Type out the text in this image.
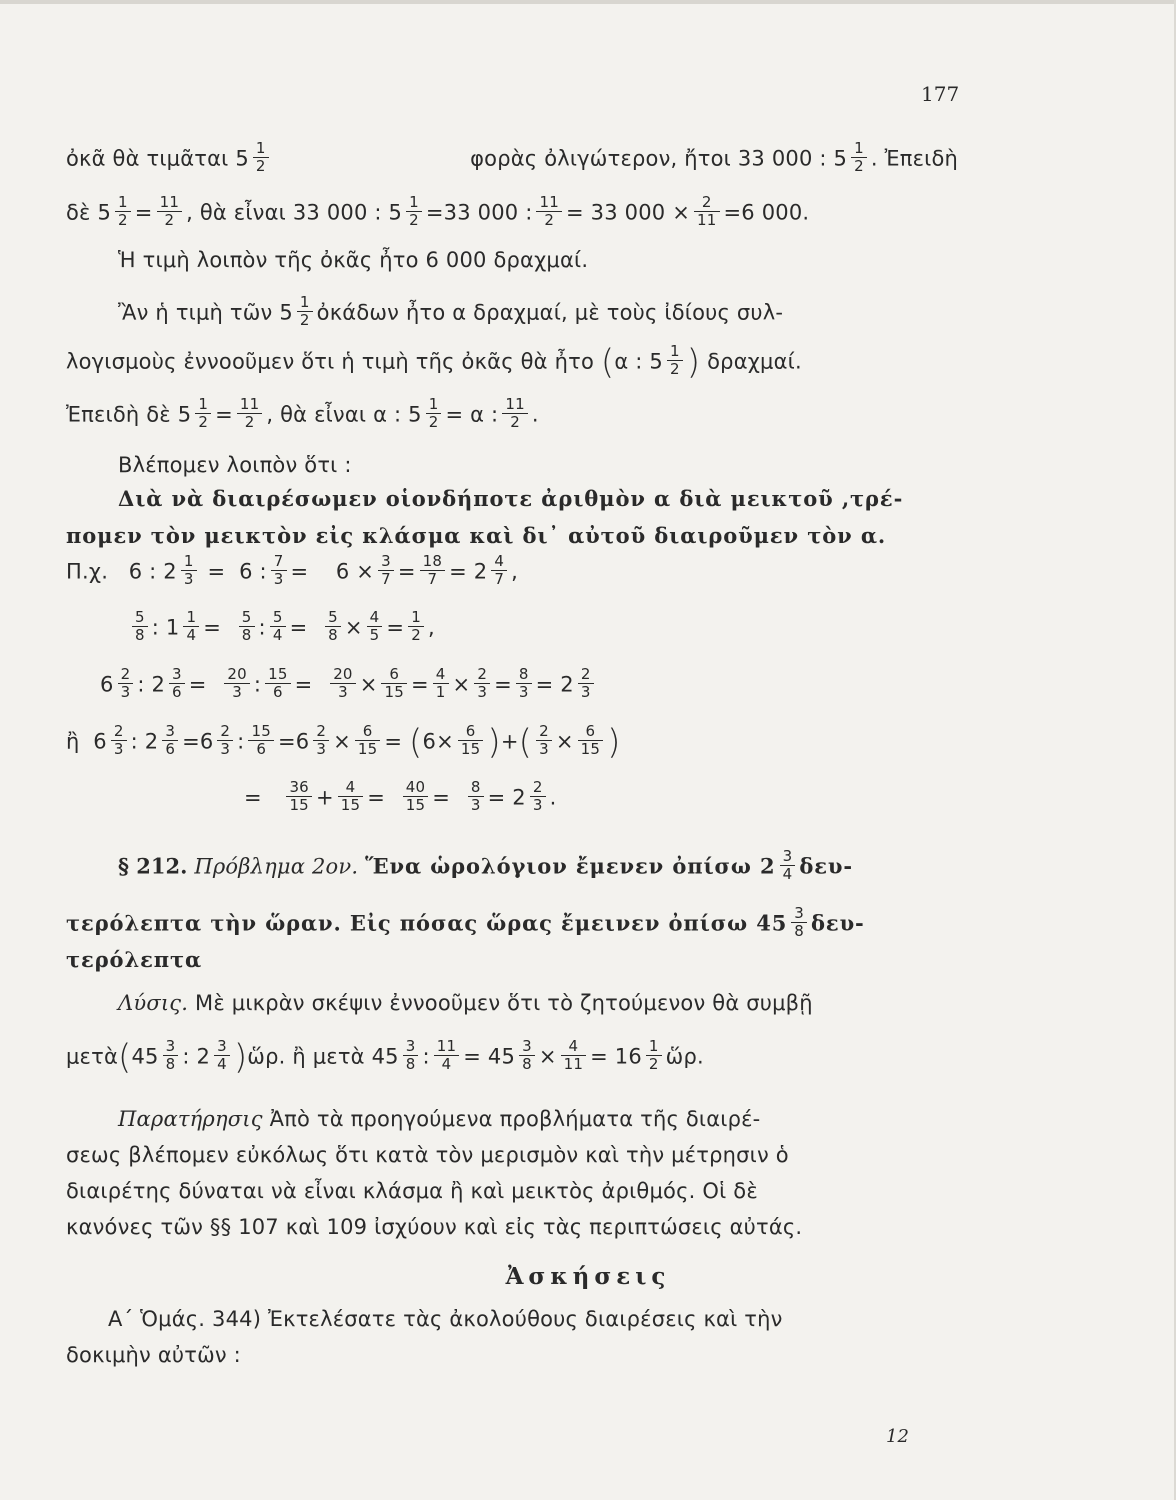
177
ὀκᾶ θὰ τιμᾶται $5 \frac{1}{2}$	φορὰς ὀλιγώτερον, ἤτοι 33 000 : $5 \frac{1}{2}$ . Ἐπειδὴ
δὲ $5 \frac{1}{2} = \frac{11}{2}$ , θὰ εἶναι 33 000 : $5 \frac{1}{2} =33$ 000 : $\frac{11}{2} = 33$ $000 \times \frac{2}{11} =6$ 000.
Ἡ τιμὴ λοιπὸν τῆς ὀκᾶς ἦτο 6 000 δραχμαί.
Ἂν ἡ τιμὴ τῶν $5 \frac{1}{2}$ ὀκάδων ἦτο α δραχμαί, μὲ τοὺς ἰδίους συλ-
λογισμοὺς ἐννοοῦμεν ὅτι ἡ τιμὴ τῆς ὀκᾶς θὰ ἦτο (α : $5 \frac{1}{2}$ ) δραχμαί.
Ἐπειδὴ δὲ $5 \frac{1}{2} = \frac{11}{2}$ , θὰ εἶναι α : $5 \frac{1}{2} = \alpha$ : $\frac{11}{2}$ .
Βλέπομεν λοιπὸν ὅτι :
Διὰ νὰ διαιρέσωμεν οἱονδήποτε ἀριθμὸν α διὰ μεικτοῦ ,τρέ-
πομεν τὸν μεικτὸν εἰς κλάσμα καὶ δι᾽ αὐτοῦ διαιροῦμεν τὸν α.
Π.χ. 6 : $2 \frac{1}{3} = 6$ : $\frac{7}{3} = 6 \times \frac{3}{7} = \frac{18}{7} = 2 \frac{4}{7}$ ,
$\frac{5}{8}$ : $1 \frac{1}{4} = \frac{5}{8}$ : $\frac{5}{4} = \frac{5}{8} \times \frac{4}{5} = \frac{1}{2}$ ,
$6 \frac{2}{3}$ : $2 \frac{3}{6} = \frac{20}{3}$ : $\frac{15}{6} = \frac{20}{3} \times \frac{6}{15} = \frac{4}{1} \times \frac{2}{3} = \frac{8}{3} = 2 \frac{2}{3}$
ἢ $6 \frac{2}{3}$ : $2 \frac{3}{6} =6 \frac{2}{3}$ : $\frac{15}{6} =6 \frac{2}{3} \times \frac{6}{15} = (6\times \frac{6}{15}$ )+( $\frac{2}{3} \times \frac{6}{15}$ )
= $\frac{36}{15} + \frac{4}{15} = \frac{40}{15} = \frac{8}{3} = 2 \frac{2}{3}$ .
§ 212. Πρόβλημα 2ον. Ἕνα ὡρολόγιον ἔμενεν ὀπίσω $2 \frac{3}{4} \delta\varepsilon\upsilon-$
τερόλεπτα τὴν ὥραν. Εἰς πόσας ὥρας ἔμεινεν ὀπίσω $45 \frac{3}{8} \delta\varepsilon\upsilon-$
τερόλεπτα
Λύσις. Μὲ μικρὰν σκέψιν ἐννοοῦμεν ὅτι τὸ ζητούμενον θὰ συμβῇ
μετὰ(45 $\frac{3}{8}$ : $2 \frac{3}{4}$ )ὥρ. ἢ μετὰ $45 \frac{3}{8}$ : $\frac{11}{4} = 45 \frac{3}{8} \times \frac{4}{11} = 16 \frac{1}{2}$ ὥρ.
Παρατήρησις Ἀπὸ τὰ προηγούμενα προβλήματα τῆς διαιρέ-
σεως βλέπομεν εὐκόλως ὅτι κατὰ τὸν μερισμὸν καὶ τὴν μέτρησιν ὁ
διαιρέτης δύναται νὰ εἶναι κλάσμα ἢ καὶ μεικτὸς ἀριθμός. Οἱ δὲ
κανόνες τῶν §§ 107 καὶ 109 ἰσχύουν καὶ εἰς τὰς περιπτώσεις αὐτάς.
Ἀσκήσεις
Α΄ Ὁμάς. 344) Ἐκτελέσατε τὰς ἀκολούθους διαιρέσεις καὶ τὴν
δοκιμὴν αὐτῶν :
12
